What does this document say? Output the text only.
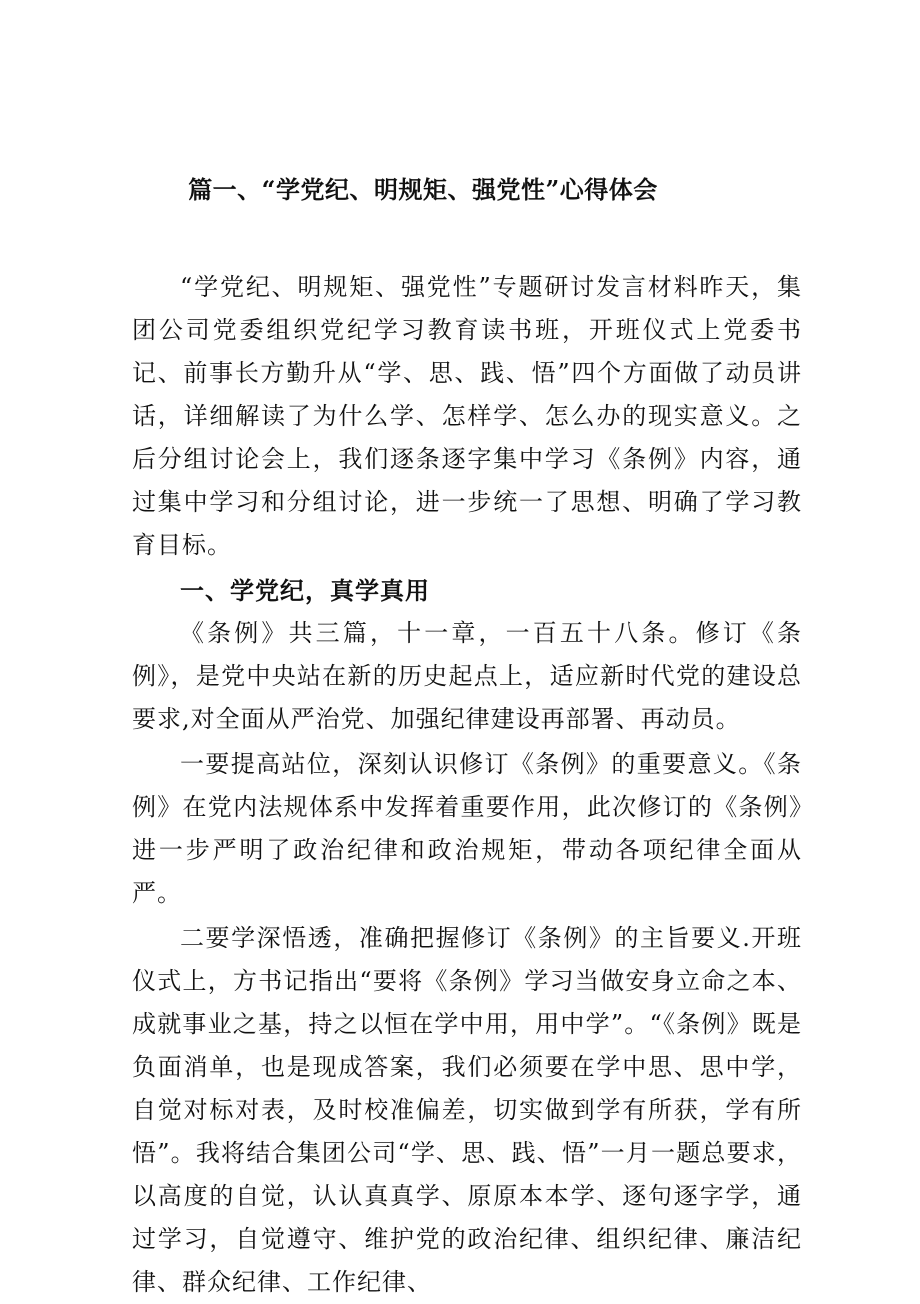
篇一、“学党纪、明规矩、强党性”心得体会

“学党纪、明规矩、强党性”专题研讨发言材料昨天，集团公司党委组织党纪学习教育读书班，开班仪式上党委书记、前事长方勤升从“学、思、践、悟”四个方面做了动员讲话，详细解读了为什么学、怎样学、怎么办的现实意义。之后分组讨论会上，我们逐条逐字集中学习《条例》内容，通过集中学习和分组讨论，进一步统一了思想、明确了学习教育目标。

一、学党纪，真学真用

《条例》共三篇，十一章，一百五十八条。修订《条例》，是党中央站在新的历史起点上，适应新时代党的建设总要求,对全面从严治党、加强纪律建设再部署、再动员。

一要提高站位，深刻认识修订《条例》的重要意义。《条例》在党内法规体系中发挥着重要作用，此次修订的《条例》进一步严明了政治纪律和政治规矩，带动各项纪律全面从严。

二要学深悟透，准确把握修订《条例》的主旨要义.开班仪式上，方书记指出“要将《条例》学习当做安身立命之本、成就事业之基，持之以恒在学中用，用中学”。“《条例》既是负面消单，也是现成答案，我们必须要在学中思、思中学，自觉对标对表，及时校准偏差，切实做到学有所获，学有所悟”。我将结合集团公司“学、思、践、悟”一月一题总要求，以高度的自觉，认认真真学、原原本本学、逐句逐字学，通过学习，自觉遵守、维护党的政治纪律、组织纪律、廉洁纪律、群众纪律、工作纪律、
